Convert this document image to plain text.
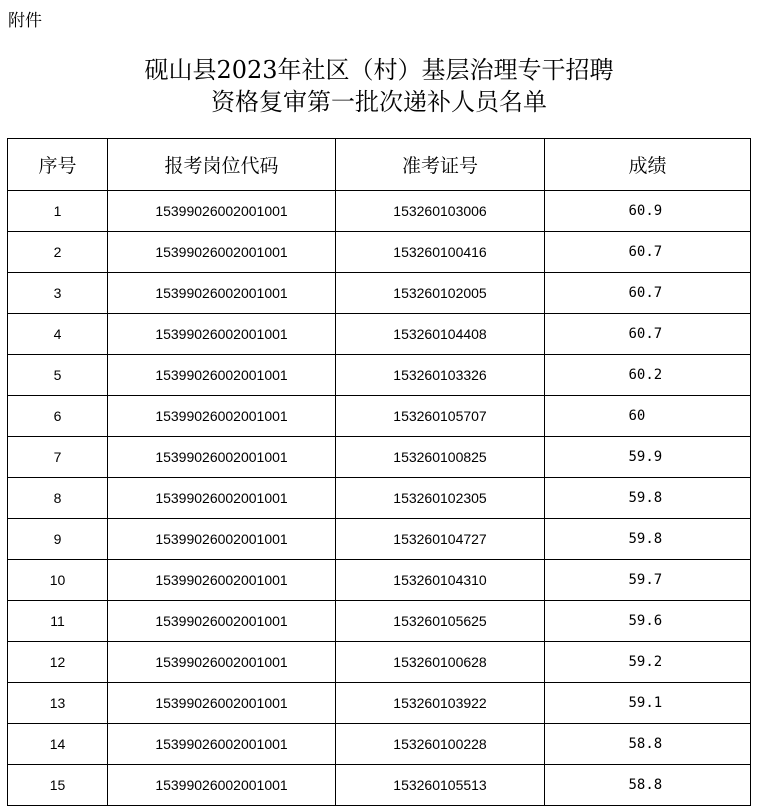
附件
砚山县2023年社区（村）基层治理专干招聘
资格复审第一批次递补人员名单
序号	报考岗位代码	准考证号	成绩
1	15399026002001001	153260103006	60.9
2	15399026002001001	153260100416	60.7
3	15399026002001001	153260102005	60.7
4	15399026002001001	153260104408	60.7
5	15399026002001001	153260103326	60.2
6	15399026002001001	153260105707	60
7	15399026002001001	153260100825	59.9
8	15399026002001001	153260102305	59.8
9	15399026002001001	153260104727	59.8
10	15399026002001001	153260104310	59.7
11	15399026002001001	153260105625	59.6
12	15399026002001001	153260100628	59.2
13	15399026002001001	153260103922	59.1
14	15399026002001001	153260100228	58.8
15	15399026002001001	153260105513	58.8
